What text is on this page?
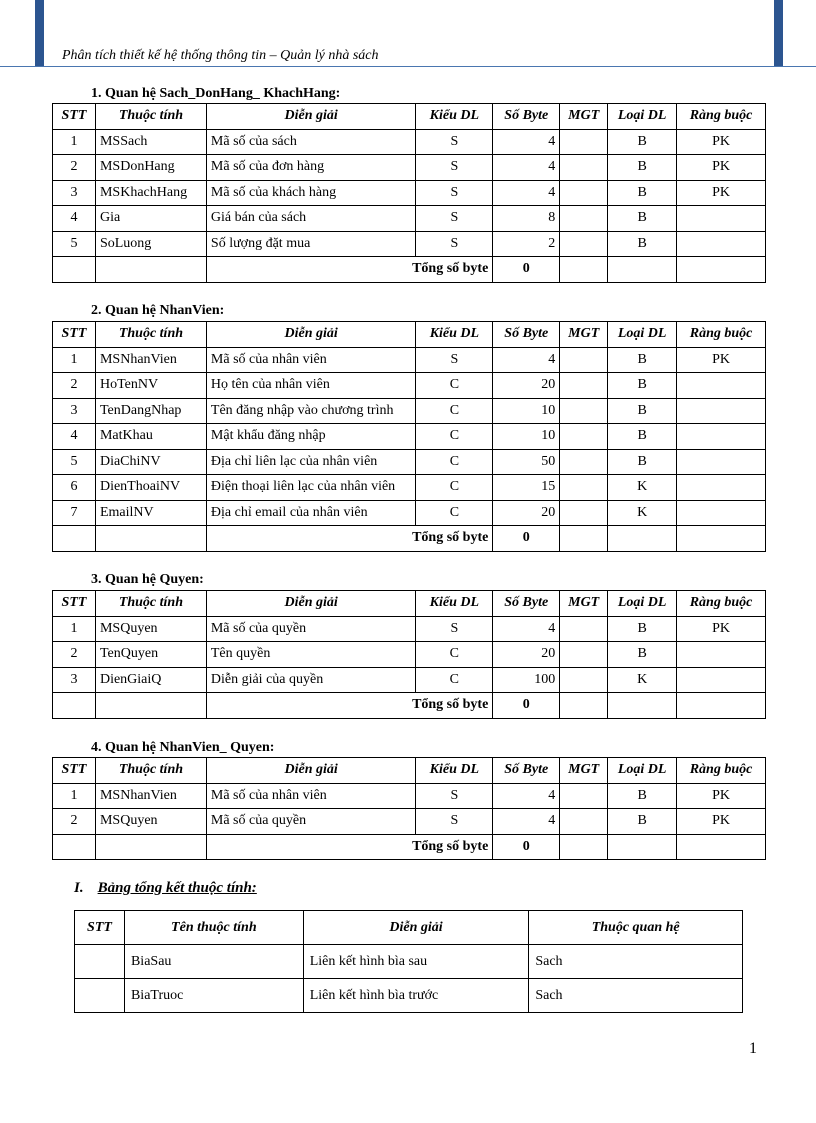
Phân tích thiết kế hệ thống thông tin – Quản lý nhà sách
1. Quan hệ Sach_DonHang_ KhachHang:
STT	Thuộc tính	Diễn giải	Kiểu DL	Số Byte	MGT	Loại DL	Ràng buộc
1	MSSach	Mã số của sách	S	4		B	PK
2	MSDonHang	Mã số của đơn hàng	S	4		B	PK
3	MSKhachHang	Mã số của khách hàng	S	4		B	PK
4	Gia	Giá bán của sách	S	8		B	
5	SoLuong	Số lượng đặt mua	S	2		B	
		Tổng số byte		0			
2. Quan hệ NhanVien:
STT	Thuộc tính	Diễn giải	Kiểu DL	Số Byte	MGT	Loại DL	Ràng buộc
1	MSNhanVien	Mã số của nhân viên	S	4		B	PK
2	HoTenNV	Họ tên của nhân viên	C	20		B	
3	TenDangNhap	Tên đăng nhập vào chương trình	C	10		B	
4	MatKhau	Mật khẩu đăng nhập	C	10		B	
5	DiaChiNV	Địa chỉ liên lạc của nhân viên	C	50		B	
6	DienThoaiNV	Điện thoại liên lạc của nhân viên	C	15		K	
7	EmailNV	Địa chỉ email của nhân viên	C	20		K	
		Tổng số byte		0			
3. Quan hệ Quyen:
STT	Thuộc tính	Diễn giải	Kiểu DL	Số Byte	MGT	Loại DL	Ràng buộc
1	MSQuyen	Mã số của quyền	S	4		B	PK
2	TenQuyen	Tên quyền	C	20		B	
3	DienGiaiQ	Diễn giải của quyền	C	100		K	
		Tổng số byte		0			
4. Quan hệ NhanVien_ Quyen:
STT	Thuộc tính	Diễn giải	Kiểu DL	Số Byte	MGT	Loại DL	Ràng buộc
1	MSNhanVien	Mã số của nhân viên	S	4		B	PK
2	MSQuyen	Mã số của quyền	S	4		B	PK
		Tổng số byte		0			
I. Bảng tổng kết thuộc tính:
STT	Tên thuộc tính	Diễn giải	Thuộc quan hệ
	BiaSau	Liên kết hình bìa sau	Sach
	BiaTruoc	Liên kết hình bìa trước	Sach
1
